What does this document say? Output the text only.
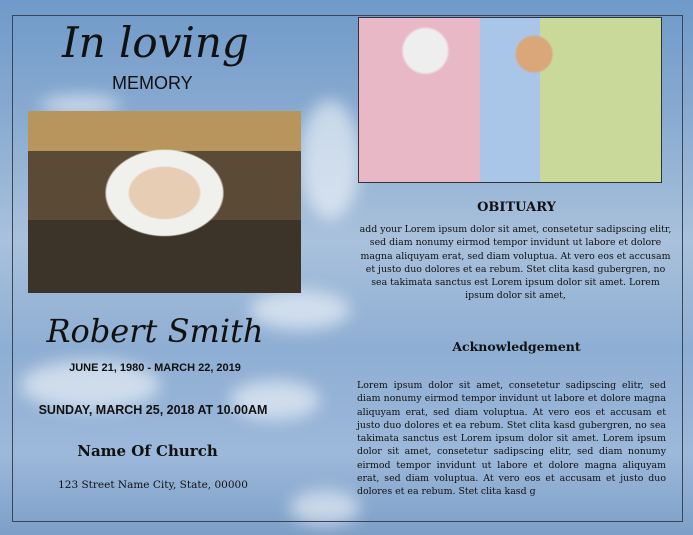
In loving
MEMORY
Robert Smith
JUNE 21, 1980 - MARCH 22, 2019
SUNDAY, MARCH 25, 2018 AT 10.00AM
Name Of Church
123 Street Name City, State, 00000
OBITUARY
add your Lorem ipsum dolor sit amet, consetetur sadipscing elitr, sed diam nonumy eirmod tempor invidunt ut labore et dolore magna aliquyam erat, sed diam voluptua. At vero eos et accusam et justo duo dolores et ea rebum. Stet clita kasd gubergren, no sea takimata sanctus est Lorem ipsum dolor sit amet. Lorem ipsum dolor sit amet,
Acknowledgement
Lorem ipsum dolor sit amet, consetetur sadipscing elitr, sed diam nonumy eirmod tempor invidunt ut labore et dolore magna aliquyam erat, sed diam voluptua. At vero eos et accusam et justo duo dolores et ea rebum. Stet clita kasd gubergren, no sea takimata sanctus est Lorem ipsum dolor sit amet. Lorem ipsum dolor sit amet, consetetur sadipscing elitr, sed diam nonumy eirmod tempor invidunt ut labore et dolore magna aliquyam erat, sed diam voluptua. At vero eos et accusam et justo duo dolores et ea rebum. Stet clita kasd g
